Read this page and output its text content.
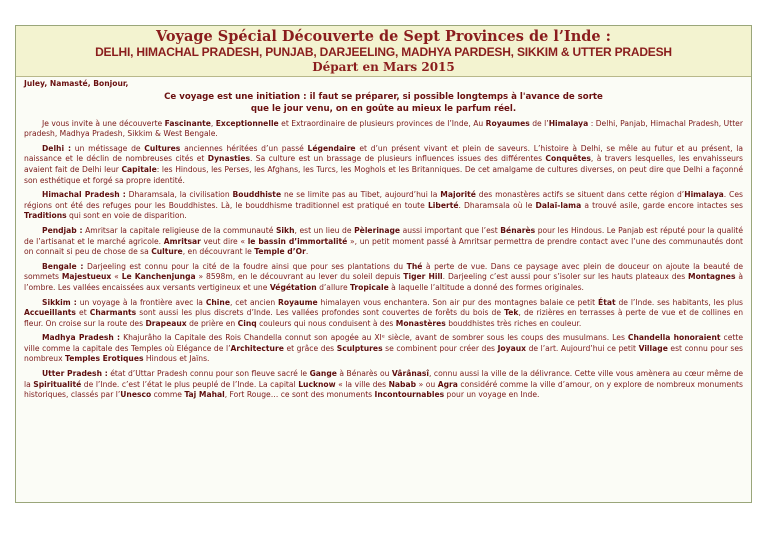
Voyage Spécial Découverte de Sept Provinces de l’Inde :
DELHI, HIMACHAL PRADESH, PUNJAB, DARJEELING, MADHYA PARDESH, SIKKIM & UTTER PRADESH
Départ en Mars 2015

Juley, Namasté, Bonjour,

Ce voyage est une initiation : il faut se préparer, si possible longtemps à l'avance de sorte
que le jour venu, on en goûte au mieux le parfum réel.

Je vous invite à une découverte Fascinante, Exceptionnelle et Extraordinaire de plusieurs provinces de l’Inde, Au Royaumes de l’Himalaya : Delhi, Panjab, Himachal Pradesh, Utter pradesh, Madhya Pradesh, Sikkim & West Bengale.

Delhi : un métissage de Cultures anciennes héritées d’un passé Légendaire et d’un présent vivant et plein de saveurs. L’histoire à Delhi, se mêle au futur et au présent, la naissance et le déclin de nombreuses cités et Dynasties. Sa culture est un brassage de plusieurs influences issues des différentes Conquêtes, à travers lesquelles, les envahisseurs avaient fait de Delhi leur Capitale: les Hindous, les Perses, les Afghans, les Turcs, les Moghols et les Britanniques. De cet amalgame de cultures diverses, on peut dire que Delhi a façonné son esthétique et forgé sa propre identité.

Himachal Pradesh : Dharamsala, la civilisation Bouddhiste ne se limite pas au Tibet, aujourd’hui la Majorité des monastères actifs se situent dans cette région d’Himalaya. Ces régions ont été des refuges pour les Bouddhistes. Là, le bouddhisme traditionnel est pratiqué en toute Liberté. Dharamsala où le Dalaï-lama a trouvé asile, garde encore intactes ses Traditions qui sont en voie de disparition.

Pendjab : Amritsar la capitale religieuse de la communauté Sikh, est un lieu de Pèlerinage aussi important que l’est Bénarès pour les Hindous. Le Panjab est réputé pour la qualité de l’artisanat et le marché agricole. Amritsar veut dire « le bassin d’immortalité », un petit moment passé à Amritsar permettra de prendre contact avec l’une des communautés dont on connait si peu de chose de sa Culture, en découvrant le Temple d’Or.

Bengale : Darjeeling est connu pour la cité de la foudre ainsi que pour ses plantations du Thé à perte de vue. Dans ce paysage avec plein de douceur on ajoute la beauté de sommets Majestueux « Le Kanchenjunga » 8598m, en le découvrant au lever du soleil depuis Tiger Hill. Darjeeling c’est aussi pour s’isoler sur les hauts plateaux des Montagnes à l’ombre. Les vallées encaissées aux versants vertigineux et une Végétation d’allure Tropicale à laquelle l’altitude a donné des formes originales.

Sikkim : un voyage à la frontière avec la Chine, cet ancien Royaume himalayen vous enchantera. Son air pur des montagnes balaie ce petit État de l’Inde. ses habitants, les plus Accueillants et Charmants sont aussi les plus discrets d’Inde. Les vallées profondes sont couvertes de forêts du bois de Tek, de rizières en terrasses à perte de vue et de collines en fleur. On croise sur la route des Drapeaux de prière en Cinq couleurs qui nous conduisent à des Monastères bouddhistes très riches en couleur.

Madhya Pradesh : Khajurâho la Capitale des Rois Chandella connut son apogée au XIᵉ siècle, avant de sombrer sous les coups des musulmans. Les Chandella honoraient cette ville comme la capitale des Temples où Elégance de l’Architecture et grâce des Sculptures se combinent pour créer des Joyaux de l’art. Aujourd’hui ce petit Village est connu pour ses nombreux Temples Erotiques Hindous et Jaïns.

Utter Pradesh : état d’Uttar Pradesh connu pour son fleuve sacré le Gange à Bénarès ou Vârânasî, connu aussi la ville de la délivrance. Cette ville vous amènera au cœur même de la Spiritualité de l’Inde. c’est l’état le plus peuplé de l’Inde. La capital Lucknow « la ville des Nabab » ou Agra considéré comme la ville d’amour, on y explore de nombreux monuments historiques, classés par l’Unesco comme Taj Mahal, Fort Rouge… ce sont des monuments Incontournables pour un voyage en Inde.
